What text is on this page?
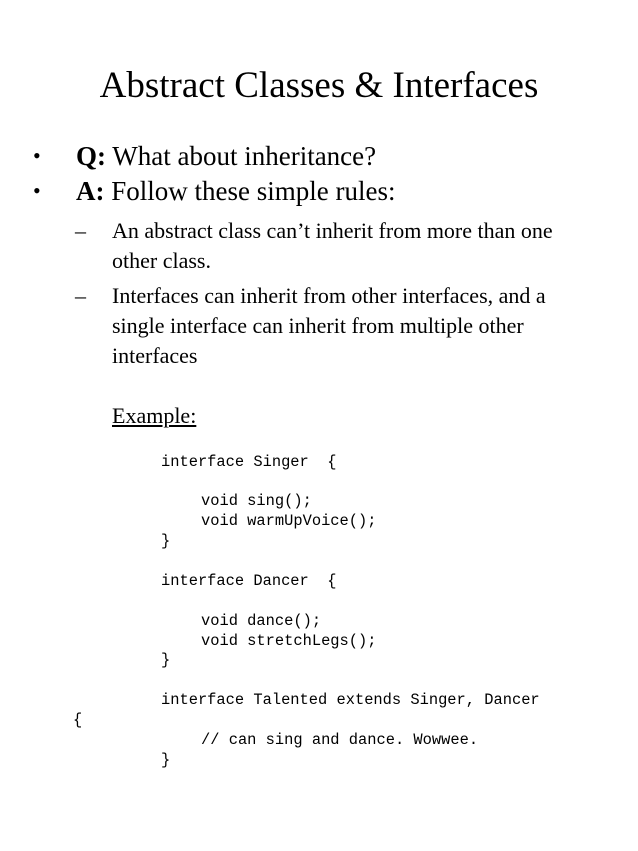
Abstract Classes & Interfaces
• Q: What about inheritance?
• A: Follow these simple rules:
– An abstract class can’t inherit from more than one other class.
– Interfaces can inherit from other interfaces, and a single interface can inherit from multiple other interfaces
Example:
interface Singer  {
void sing();
void warmUpVoice();
}
interface Dancer  {
void dance();
void stretchLegs();
}
interface Talented extends Singer, Dancer
{
// can sing and dance. Wowwee.
}
